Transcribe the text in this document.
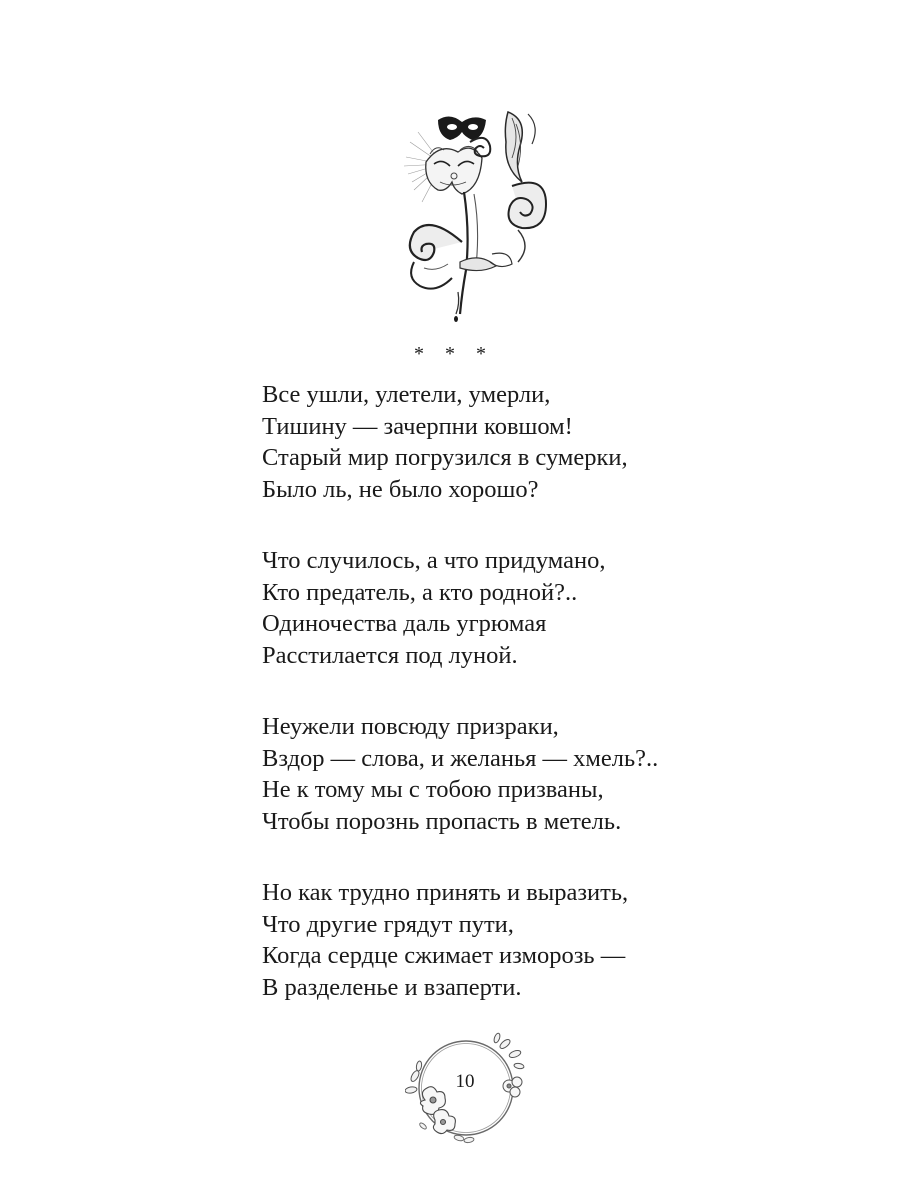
* * *
Все ушли, улетели, умерли,
Тишину — зачерпни ковшом!
Старый мир погрузился в сумерки,
Было ль, не было хорошо?
Что случилось, а что придумано,
Кто предатель, а кто родной?..
Одиночества даль угрюмая
Расстилается под луной.
Неужели повсюду призраки,
Вздор — слова, и желанья — хмель?..
Не к тому мы с тобою призваны,
Чтобы порознь пропасть в метель.
Но как трудно принять и выразить,
Что другие грядут пути,
Когда сердце сжимает изморозь —
В разделенье и взаперти.
10
